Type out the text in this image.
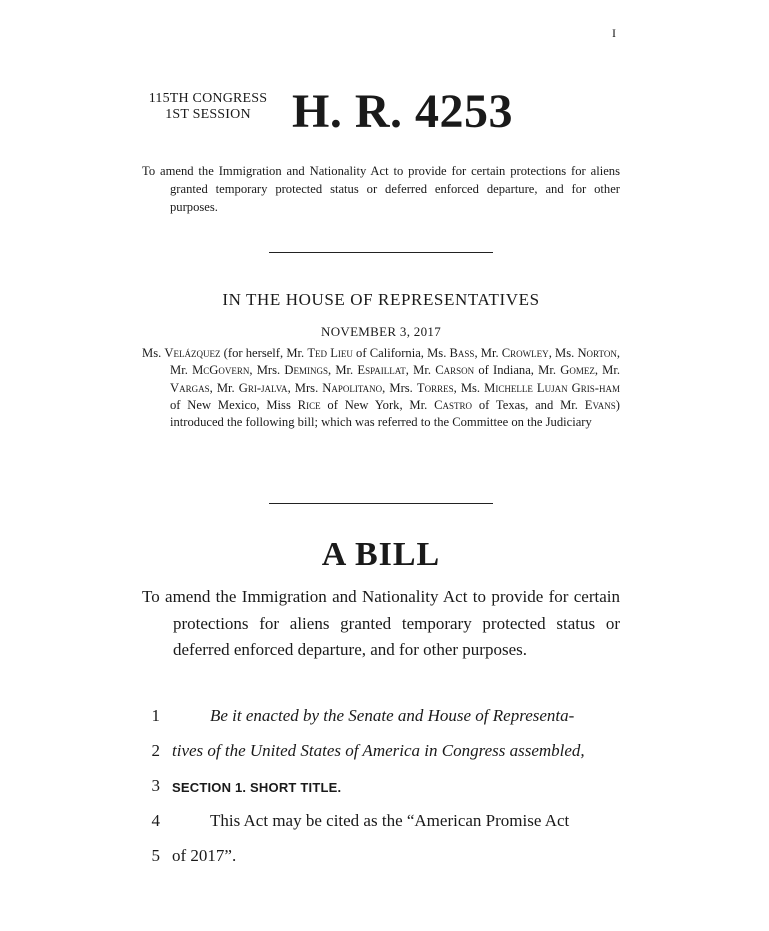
I
115TH CONGRESS
1ST SESSION H. R. 4253

To amend the Immigration and Nationality Act to provide for certain protections for aliens granted temporary protected status or deferred enforced departure, and for other purposes.

IN THE HOUSE OF REPRESENTATIVES
NOVEMBER 3, 2017

Ms. Velázquez (for herself, Mr. Ted Lieu of California, Ms. Bass, Mr. Crowley, Ms. Norton, Mr. McGovern, Mrs. Demings, Mr. Espaillat, Mr. Carson of Indiana, Mr. Gomez, Mr. Vargas, Mr. Gri-jalva, Mrs. Napolitano, Mrs. Torres, Ms. Michelle Lujan Gris-ham of New Mexico, Miss Rice of New York, Mr. Castro of Texas, and Mr. Evans) introduced the following bill; which was referred to the Committee on the Judiciary

A BILL

To amend the Immigration and Nationality Act to provide for certain protections for aliens granted temporary protected status or deferred enforced departure, and for other purposes.

1	Be it enacted by the Senate and House of Representa-
2 tives of the United States of America in Congress assembled,
3 SECTION 1. SHORT TITLE.
4	This Act may be cited as the “American Promise Act
5 of 2017”.
